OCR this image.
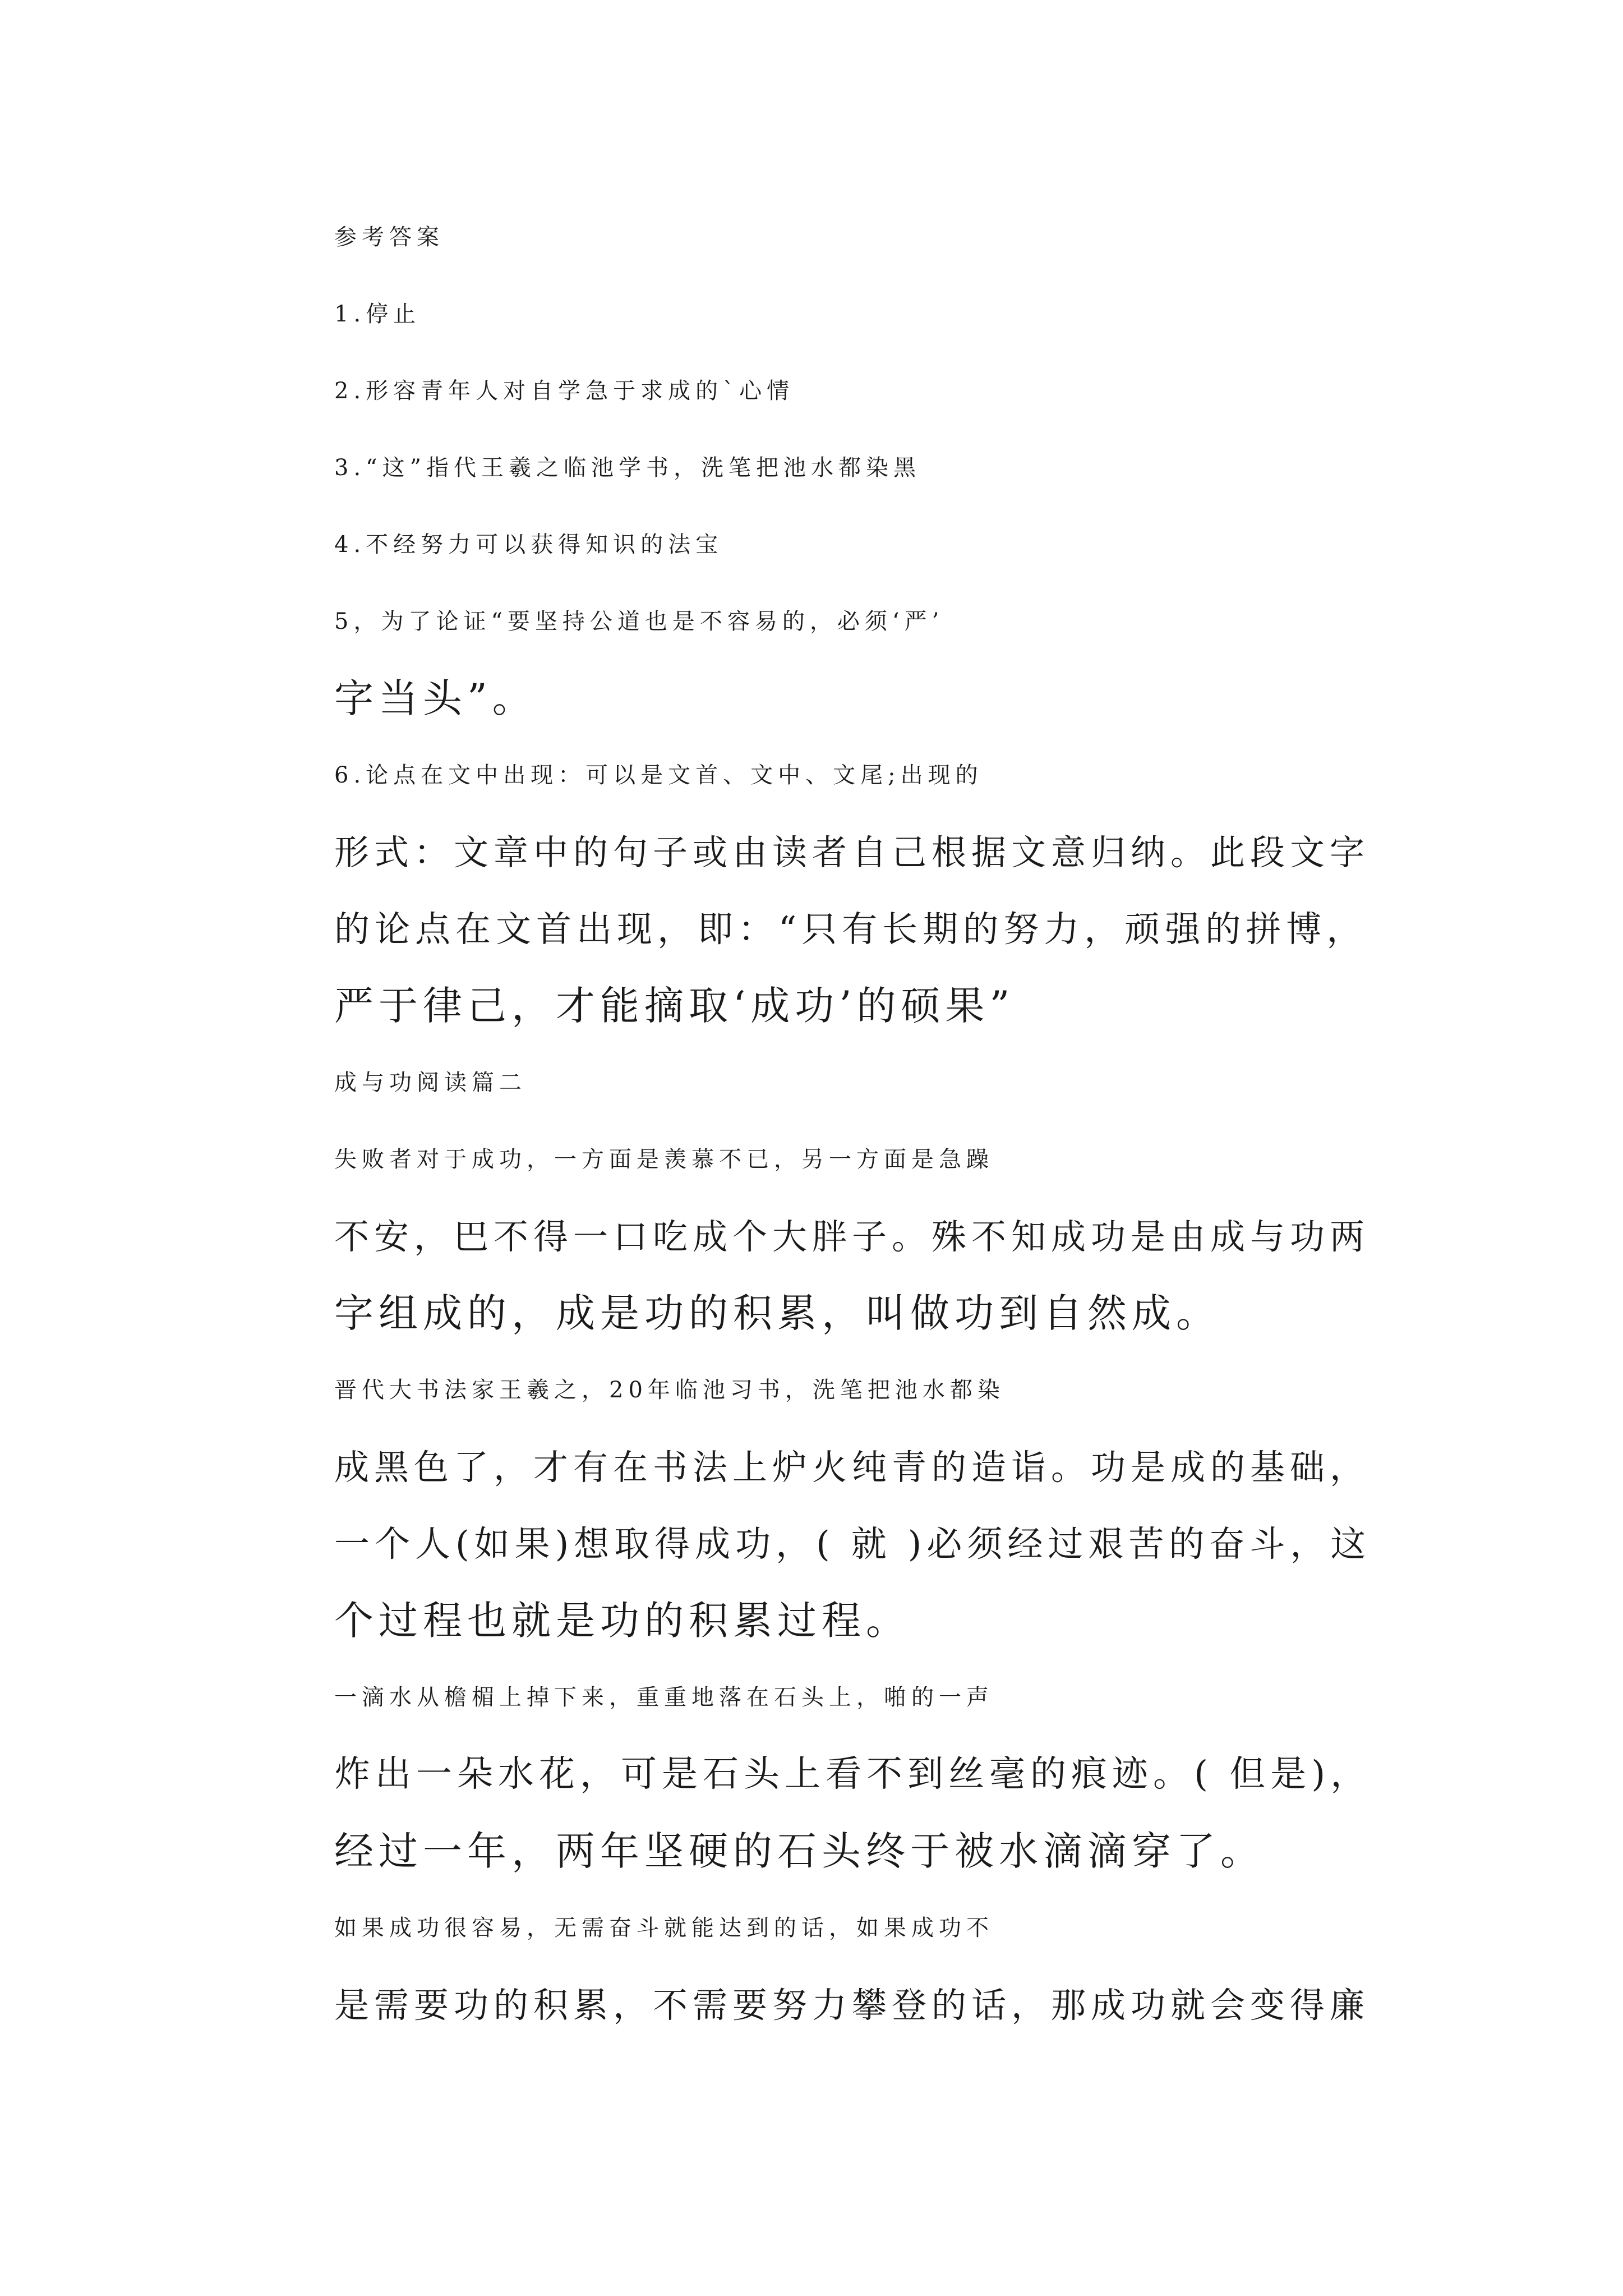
参考答案
1.停止
2.形容青年人对自学急于求成的`心情
3.“这”指代王羲之临池学书，洗笔把池水都染黑
4.不经努力可以获得知识的法宝
5，为了论证“要坚持公道也是不容易的，必须‘严’
字当头”。
6.论点在文中出现：可以是文首、文中、文尾;出现的
形式：文章中的句子或由读者自己根据文意归纳。此段文字
的论点在文首出现，即：“只有长期的努力，顽强的拼博，
严于律己，才能摘取‘成功’的硕果”
成与功阅读篇二
失败者对于成功，一方面是羡慕不已，另一方面是急躁
不安，巴不得一口吃成个大胖子。殊不知成功是由成与功两
字组成的，成是功的积累，叫做功到自然成。
晋代大书法家王羲之，20年临池习书，洗笔把池水都染
成黑色了，才有在书法上炉火纯青的造诣。功是成的基础，
一个人(如果)想取得成功，( 就 )必须经过艰苦的奋斗，这
个过程也就是功的积累过程。
一滴水从檐楣上掉下来，重重地落在石头上，啪的一声
炸出一朵水花，可是石头上看不到丝毫的痕迹。( 但是)，
经过一年，两年坚硬的石头终于被水滴滴穿了。
如果成功很容易，无需奋斗就能达到的话，如果成功不
是需要功的积累，不需要努力攀登的话，那成功就会变得廉
